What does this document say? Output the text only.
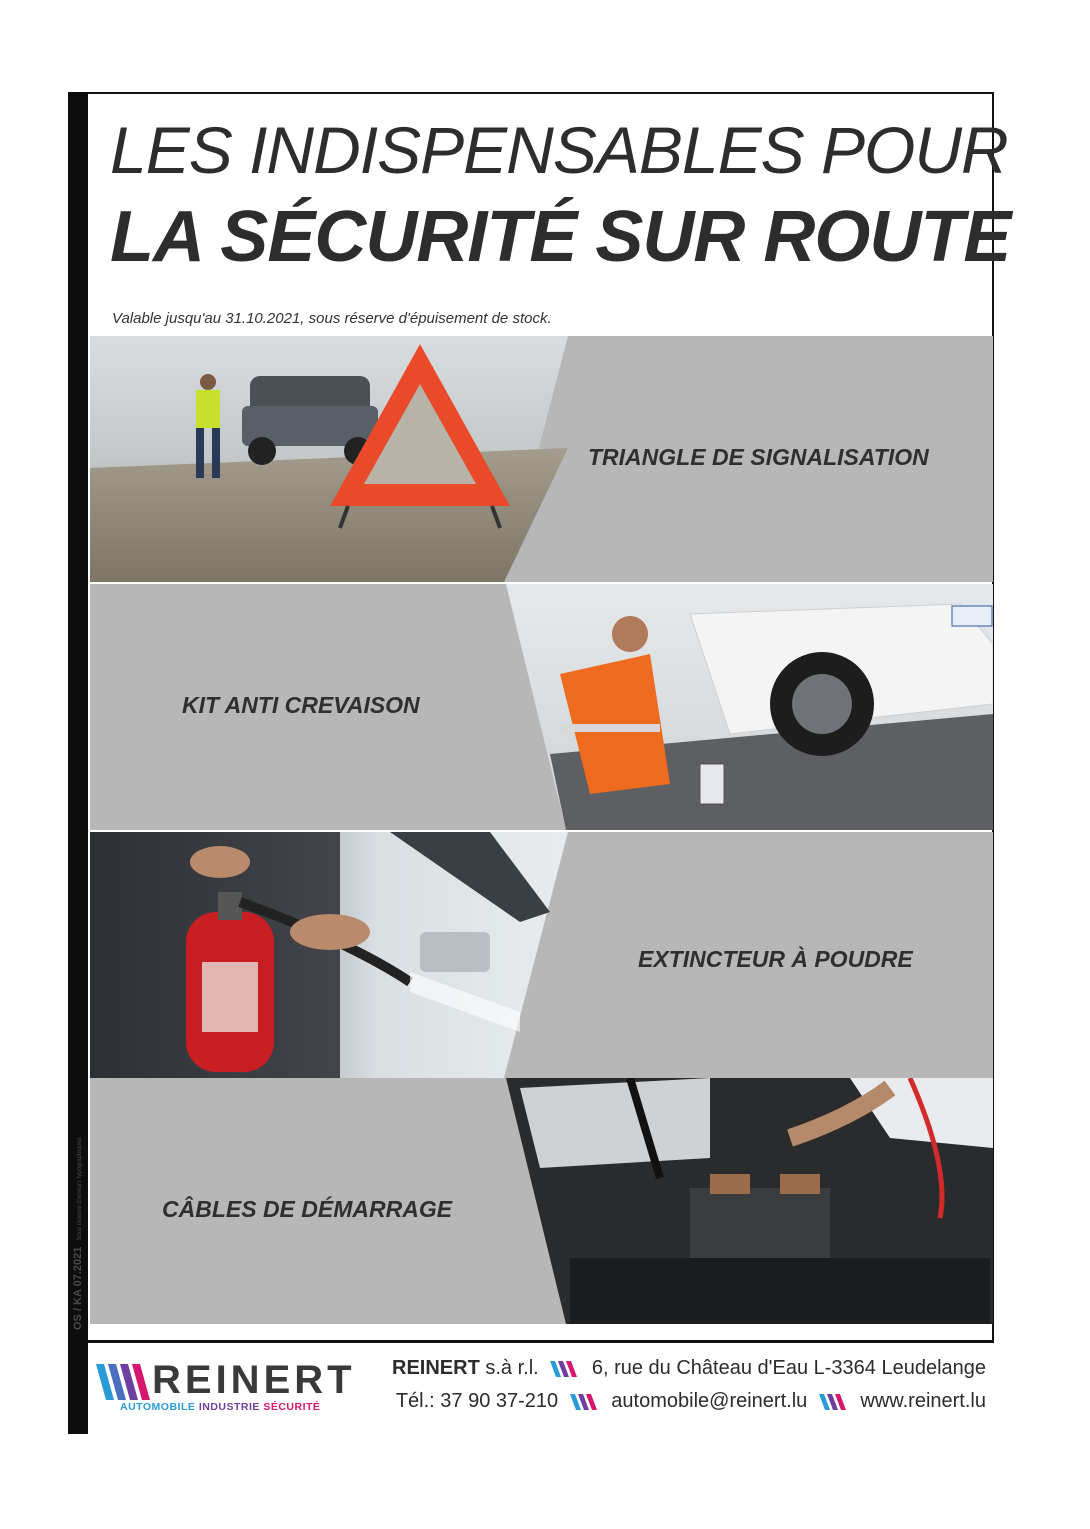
OS / KA 07.2021Sous réserve d'erreurs typographiques
LES INDISPENSABLES POUR
LA SÉCURITÉ SUR ROUTE
Valable jusqu'au 31.10.2021, sous réserve d'épuisement de stock.
TRIANGLE DE SIGNALISATION
KIT ANTI CREVAISON
EXTINCTEUR À POUDRE
CÂBLES DE DÉMARRAGE
REINERT
AUTOMOBILE INDUSTRIE SÉCURITÉ
REINERT s.à r.l.	6, rue du Château d'Eau L-3364 Leudelange
Tél.: 37 90 37-210	automobile@reinert.lu	www.reinert.lu
